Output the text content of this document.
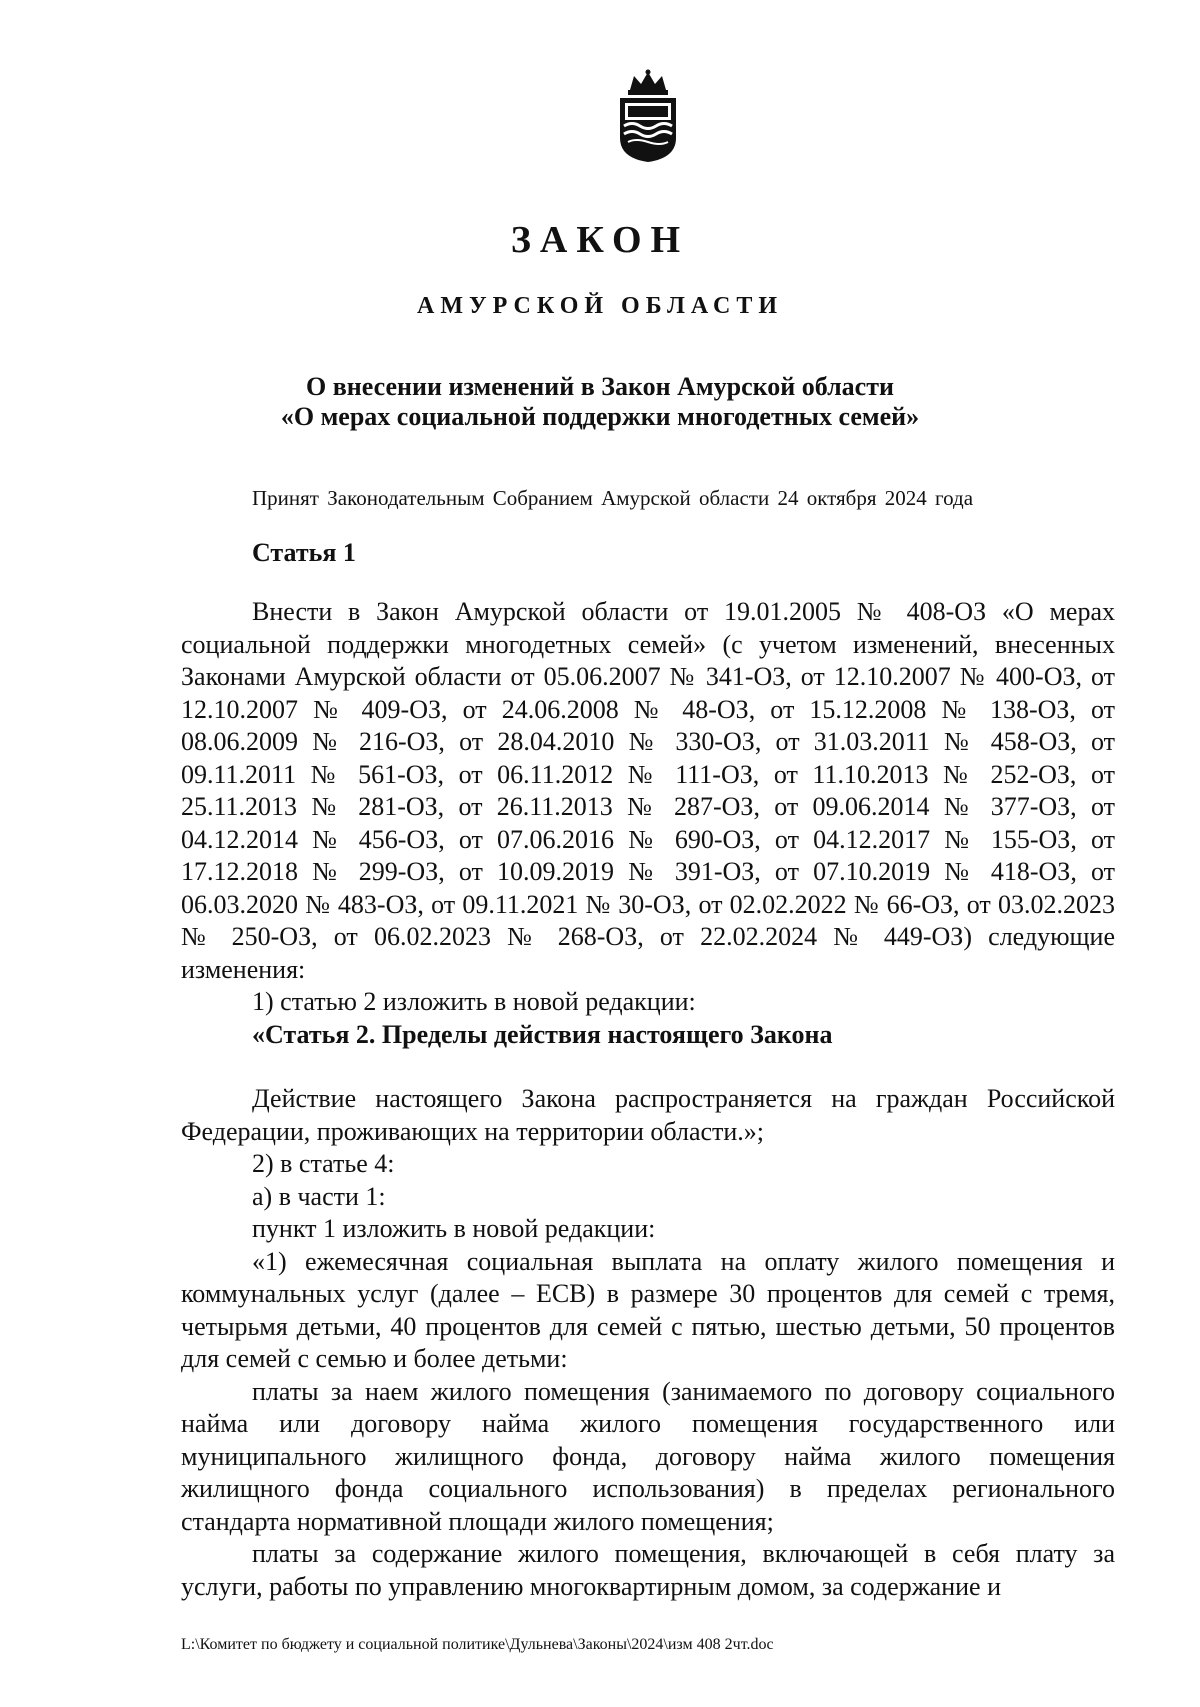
ЗАКОН
АМУРСКОЙ ОБЛАСТИ
О внесении изменений в Закон Амурской области
«О мерах социальной поддержки многодетных семей»
Принят Законодательным Собранием Амурской области 24 октября 2024 года
Статья 1

Внести в Закон Амурской области от 19.01.2005 № 408-ОЗ «О мерах социальной поддержки многодетных семей» (с учетом изменений, внесенных Законами Амурской области от 05.06.2007 № 341-ОЗ, от 12.10.2007 № 400-ОЗ, от 12.10.2007 № 409-ОЗ, от 24.06.2008 № 48-ОЗ, от 15.12.2008 № 138-ОЗ, от 08.06.2009 № 216-ОЗ, от 28.04.2010 № 330-ОЗ, от 31.03.2011 № 458-ОЗ, от 09.11.2011 № 561-ОЗ, от 06.11.2012 № 111-ОЗ, от 11.10.2013 № 252-ОЗ, от 25.11.2013 № 281-ОЗ, от 26.11.2013 № 287-ОЗ, от 09.06.2014 № 377-ОЗ, от 04.12.2014 № 456-ОЗ, от 07.06.2016 № 690-ОЗ, от 04.12.2017 № 155-ОЗ, от 17.12.2018 № 299-ОЗ, от 10.09.2019 № 391-ОЗ, от 07.10.2019 № 418-ОЗ, от 06.03.2020 № 483-ОЗ, от 09.11.2021 № 30-ОЗ, от 02.02.2022 № 66-ОЗ, от 03.02.2023 № 250-ОЗ, от 06.02.2023 № 268-ОЗ, от 22.02.2024 № 449-ОЗ) следующие изменения:

1) статью 2 изложить в новой редакции:

«Статья 2. Пределы действия настоящего Закона

Действие настоящего Закона распространяется на граждан Российской Федерации, проживающих на территории области.»;

2) в статье 4:

а) в части 1:

пункт 1 изложить в новой редакции:

«1) ежемесячная социальная выплата на оплату жилого помещения и коммунальных услуг (далее – ЕСВ) в размере 30 процентов для семей с тремя, четырьмя детьми, 40 процентов для семей с пятью, шестью детьми, 50 процентов для семей с семью и более детьми:

платы за наем жилого помещения (занимаемого по договору социального найма или договору найма жилого помещения государственного или муниципального жилищного фонда, договору найма жилого помещения жилищного фонда социального использования) в пределах регионального стандарта нормативной площади жилого помещения;

платы за содержание жилого помещения, включающей в себя плату за услуги, работы по управлению многоквартирным домом, за содержание и

L:\Комитет по бюджету и социальной политике\Дульнева\Законы\2024\изм 408 2чт.doc
